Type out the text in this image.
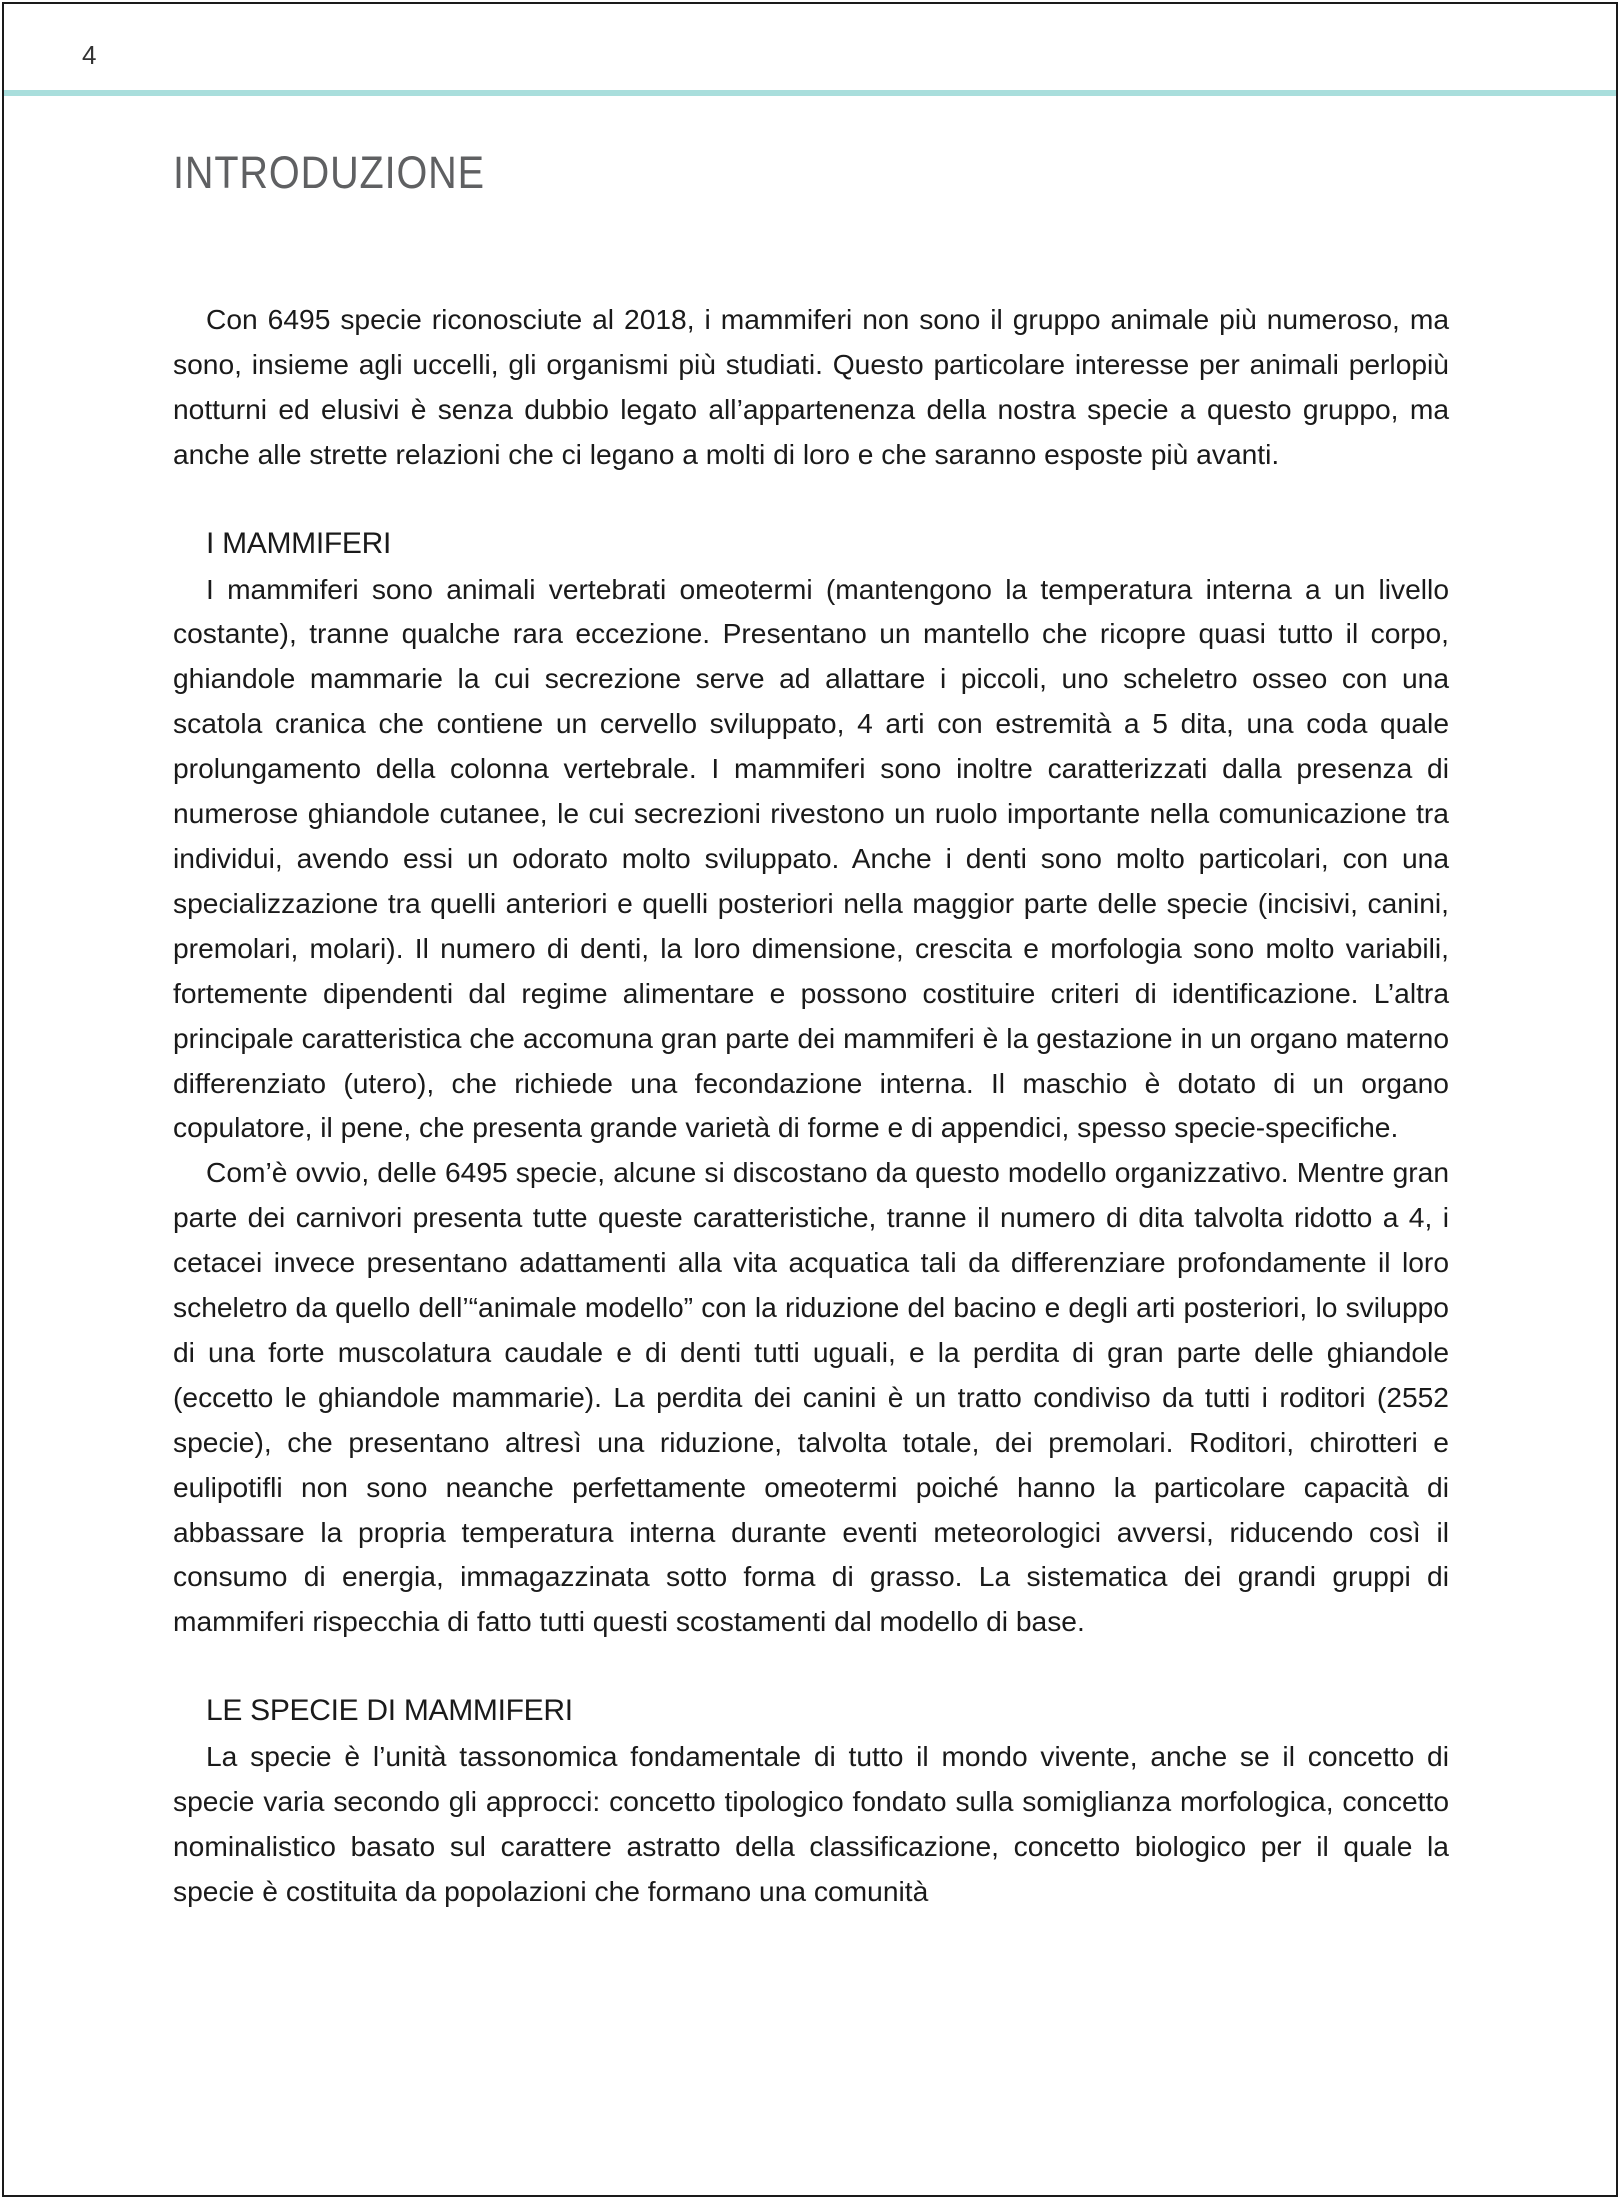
4
INTRODUZIONE

Con 6495 specie riconosciute al 2018, i mammiferi non sono il gruppo animale più numeroso, ma sono, insieme agli uccelli, gli organismi più studiati. Questo particolare interesse per animali perlopiù notturni ed elusivi è senza dubbio legato all’appartenenza della nostra specie a questo gruppo, ma anche alle strette relazioni che ci legano a molti di loro e che saranno esposte più avanti.

I MAMMIFERI

I mammiferi sono animali vertebrati omeotermi (mantengono la temperatura interna a un livello costante), tranne qualche rara eccezione. Presentano un mantello che ricopre quasi tutto il corpo, ghiandole mammarie la cui secrezione serve ad allattare i piccoli, uno scheletro osseo con una scatola cranica che contiene un cervello sviluppato, 4 arti con estremità a 5 dita, una coda quale prolungamento della colonna vertebrale. I mammiferi sono inoltre caratterizzati dalla presenza di numerose ghiandole cutanee, le cui secrezioni rivestono un ruolo importante nella comunicazione tra individui, avendo essi un odorato molto sviluppato. Anche i denti sono molto particolari, con una specializzazione tra quelli anteriori e quelli posteriori nella maggior parte delle specie (incisivi, canini, premolari, molari). Il numero di denti, la loro dimensione, crescita e morfologia sono molto variabili, fortemente dipendenti dal regime alimentare e possono costituire criteri di identificazione. L’altra principale caratteristica che accomuna gran parte dei mammiferi è la gestazione in un organo materno differenziato (utero), che richiede una fecondazione interna. Il maschio è dotato di un organo copulatore, il pene, che presenta grande varietà di forme e di appendici, spesso specie-specifiche.

Com’è ovvio, delle 6495 specie, alcune si discostano da questo modello organizzativo. Mentre gran parte dei carnivori presenta tutte queste caratteristiche, tranne il numero di dita talvolta ridotto a 4, i cetacei invece presentano adattamenti alla vita acquatica tali da differenziare profondamente il loro scheletro da quello dell’“animale modello” con la riduzione del bacino e degli arti posteriori, lo sviluppo di una forte muscolatura caudale e di denti tutti uguali, e la perdita di gran parte delle ghiandole (eccetto le ghiandole mammarie). La perdita dei canini è un tratto condiviso da tutti i roditori (2552 specie), che presentano altresì una riduzione, talvolta totale, dei premolari. Roditori, chirotteri e eulipotifli non sono neanche perfettamente omeotermi poiché hanno la particolare capacità di abbassare la propria temperatura interna durante eventi meteorologici avversi, riducendo così il consumo di energia, immagazzinata sotto forma di grasso. La sistematica dei grandi gruppi di mammiferi rispecchia di fatto tutti questi scostamenti dal modello di base.

LE SPECIE DI MAMMIFERI

La specie è l’unità tassonomica fondamentale di tutto il mondo vivente, anche se il concetto di specie varia secondo gli approcci: concetto tipologico fondato sulla somiglianza morfologica, concetto nominalistico basato sul carattere astratto della classificazione, concetto biologico per il quale la specie è costituita da popolazioni che formano una comunità
